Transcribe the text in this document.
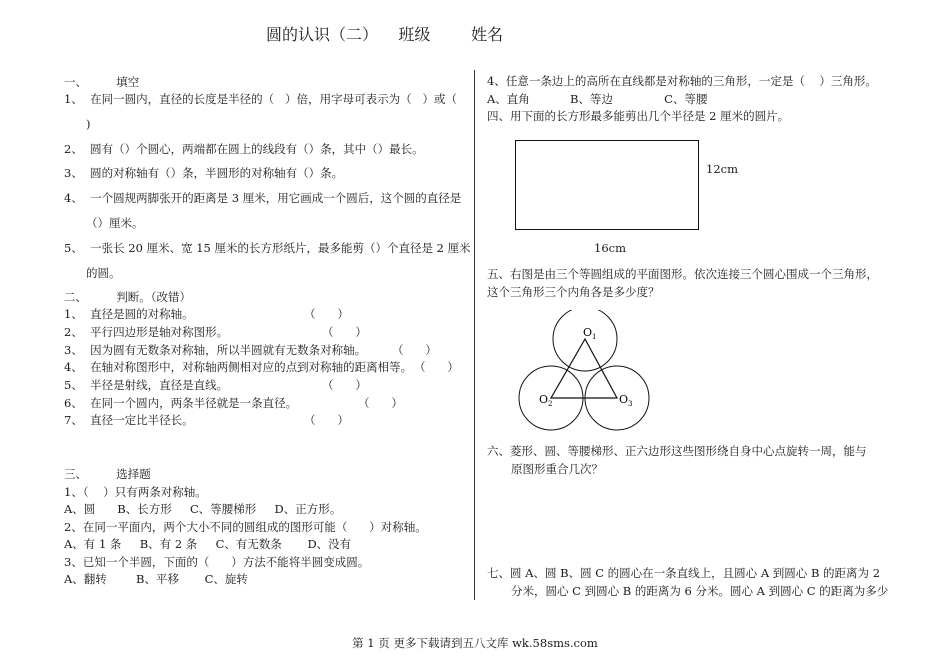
圆的认识（二）    班级        姓名
一、        填空
1、  在同一圆内，直径的长度是半径的（   ）倍，用字母可表示为（   ）或（
)
2、  圆有（）个圆心，两端都在圆上的线段有（）条，其中（）最长。
3、  圆的对称轴有（）条，半圆形的对称轴有（）条。
4、  一个圆规两脚张开的距离是 3 厘米，用它画成一个圆后，这个圆的直径是
（）厘米。
5、  一张长 20 厘米、宽 15 厘米的长方形纸片，最多能剪（）个直径是 2 厘米
的圆。
二、        判断。（改错）
1、  直径是圆的对称轴。	（      ）
2、  平行四边形是轴对称图形。	（      ）
3、  因为圆有无数条对称轴，所以半圆就有无数条对称轴。 （      ）
4、  在轴对称图形中，对称轴两侧相对应的点到对称轴的距离相等。 （      ）
5、  半径是射线，直径是直线。	（      ）
6、  在同一个圆内，两条半径就是一条直径。	（      ）
7、  直径一定比半径长。	（      ）
三、        选择题
1、（    ）只有两条对称轴。
A、圆      B、长方形     C、等腰梯形     D、正方形。
2、在同一平面内，两个大小不同的圆组成的图形可能（      ）对称轴。
A、有 1 条     B、有 2 条     C、有无数条       D、没有
3、已知一个半圆，下面的（      ）方法不能将半圆变成圆。
A、翻转        B、平移       C、旋转
4、任意一条边上的高所在直线都是对称轴的三角形，一定是（    ）三角形。
A、直角           B、等边              C、等腰
四、用下面的长方形最多能剪出几个半径是 2 厘米的圆片。
12cm
16cm
五、右图是由三个等圆组成的平面图形。依次连接三个圆心围成一个三角形，
这个三角形三个内角各是多少度？
$O_1$
$O_2$	$O_3$
六、菱形、圆、等腰梯形、正六边形这些图形绕自身中心点旋转一周，能与
原图形重合几次？
七、圆 A、圆 B、圆 C 的圆心在一条直线上，且圆心 A 到圆心 B 的距离为 2
分米，圆心 C 到圆心 B 的距离为 6 分米。圆心 A 到圆心 C 的距离为多少
第 1 页 更多下载请到五八文库 wk.58sms.com
